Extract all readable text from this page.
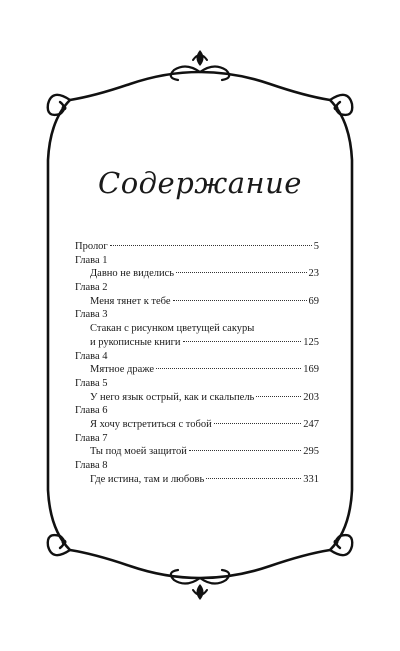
Содержание
Пролог	5
Глава 1
Давно не виделись	23
Глава 2
Меня тянет к тебе	69
Глава 3
Стакан с рисунком цветущей сакуры
и рукописные книги	125
Глава 4
Мятное драже	169
Глава 5
У него язык острый, как и скальпель	203
Глава 6
Я хочу встретиться с тобой	247
Глава 7
Ты под моей защитой	295
Глава 8
Где истина, там и любовь	331
